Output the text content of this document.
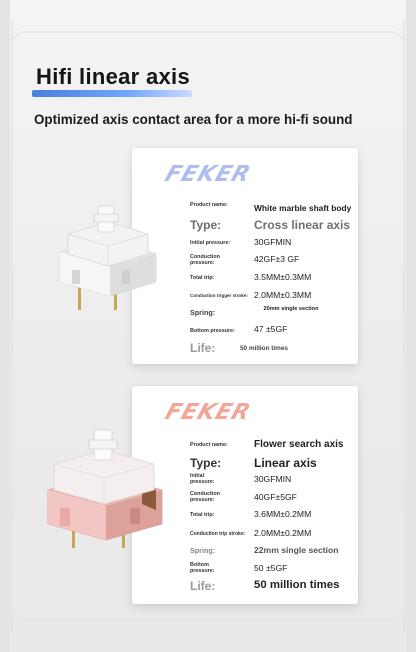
Hifi linear axis
Optimized axis contact area for a more hi-fi sound
FEKER
Product name:	White marble shaft body
Type:	Cross linear axis
Initial pressure:	30GFMIN
Conduction pressure:	42GF±3 GF
Total trip:	3.5MM±0.3MM
Conduction trigger stroke: 2.0MM±0.3MM
Spring:	20mm single section
Bottom pressure:	47 ±5GF
Life:	50 million times
FEKER
Product name:	Flower search axis
Type:	Linear axis
Initial pressure:	30GFMIN
Conduction pressure:	40GF±5GF
Total trip:	3.6MM±0.2MM
Conduction trip stroke:	2.0MM±0.2MM
Spring:	22mm single section
Bottom pressure:	50 ±5GF
Life:	50 million times
